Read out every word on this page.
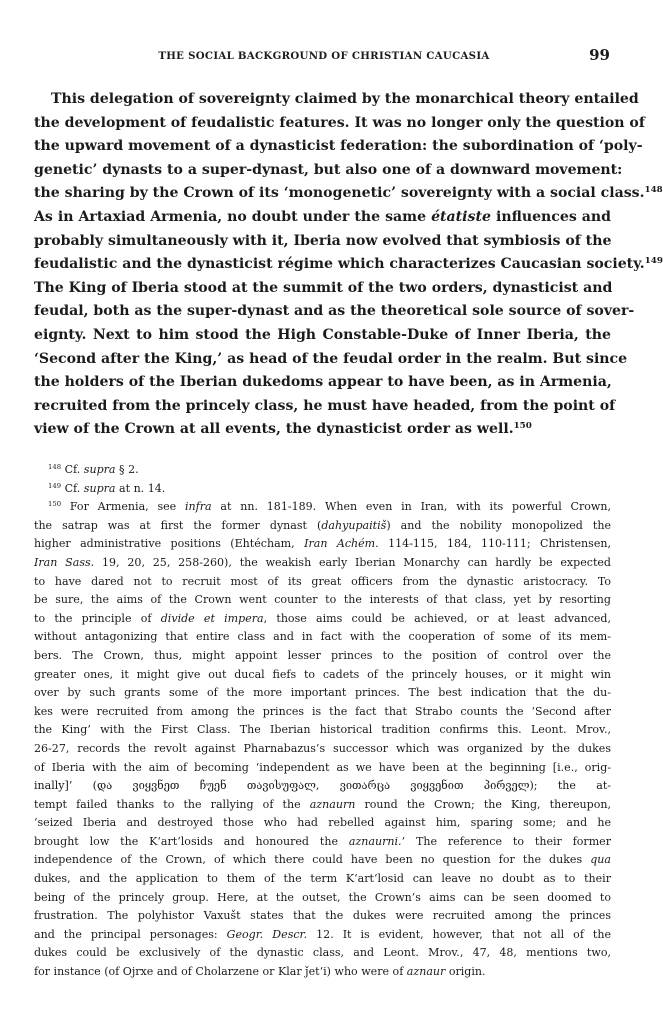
THE SOCIAL BACKGROUND OF CHRISTIAN CAUCASIA	99
This delegation of sovereignty claimed by the monarchical theory entailed
the development of feudalistic features. It was no longer only the question of
the upward movement of a dynasticist federation: the subordination of ‘poly-
genetic’ dynasts to a super-dynast, but also one of a downward movement:
the sharing by the Crown of its ‘monogenetic’ sovereignty with a social class.$^{148}$
As in Artaxiad Armenia, no doubt under the same étatiste influences and
probably simultaneously with it, Iberia now evolved that symbiosis of the
feudalistic and the dynasticist régime which characterizes Caucasian society.$^{149}$
The King of Iberia stood at the summit of the two orders, dynasticist and
feudal, both as the super-dynast and as the theoretical sole source of sover-
eignty. Next to him stood the High Constable-Duke of Inner Iberia, the
‘Second after the King,’ as head of the feudal order in the realm. But since
the holders of the Iberian dukedoms appear to have been, as in Armenia,
recruited from the princely class, he must have headed, from the point of
view of the Crown at all events, the dynasticist order as well.$^{150}$
$^{148}$ Cf. supra § 2.
$^{149}$ Cf. supra at n. 14.
$^{150}$ For Armenia, see infra at nn. 181-189. When even in Iran, with its powerful Crown,
the satrap was at first the former dynast (dahyupaitiš) and the nobility monopolized the
higher administrative positions (Ehtécham, Iran Achém. 114-115, 184, 110-111; Christensen,
Iran Sass. 19, 20, 25, 258-260), the weakish early Iberian Monarchy can hardly be expected
to have dared not to recruit most of its great officers from the dynastic aristocracy. To
be sure, the aims of the Crown went counter to the interests of that class, yet by resorting
to the principle of divide et impera, those aims could be achieved, or at least advanced,
without antagonizing that entire class and in fact with the cooperation of some of its mem-
bers. The Crown, thus, might appoint lesser princes to the position of control over the
greater ones, it might give out ducal fiefs to cadets of the princely houses, or it might win
over by such grants some of the more important princes. The best indication that the du-
kes were recruited from among the princes is the fact that Strabo counts the ‘Second after
the King’ with the First Class. The Iberian historical tradition confirms this. Leont. Mrov.,
26-27, records the revolt against Pharnabazus’s successor which was organized by the dukes
of Iberia with the aim of becoming ‘independent as we have been at the beginning [i.e., orig-
inally]’ (და ვიყვნეთ ჩუენ თავისუფალ, ვითარცა ვიყვენით პირველ); the at-
tempt failed thanks to the rallying of the aznaurn round the Crown; the King, thereupon,
‘seized Iberia and destroyed those who had rebelled against him, sparing some; and he
brought low the K‘art‘losids and honoured the aznaurni.’ The reference to their former
independence of the Crown, of which there could have been no question for the dukes qua
dukes, and the application to them of the term K‘art‘losid can leave no doubt as to their
being of the princely group. Here, at the outset, the Crown’s aims can be seen doomed to
frustration. The polyhistor Vaxušt states that the dukes were recruited among the princes
and the principal personages: Geogr. Descr. 12. It is evident, however, that not all of the
dukes could be exclusively of the dynastic class, and Leont. Mrov., 47, 48, mentions two,
for instance (of Ojrxe and of Cholarzene or Klar ǰet‘i) who were of aznaur origin.
